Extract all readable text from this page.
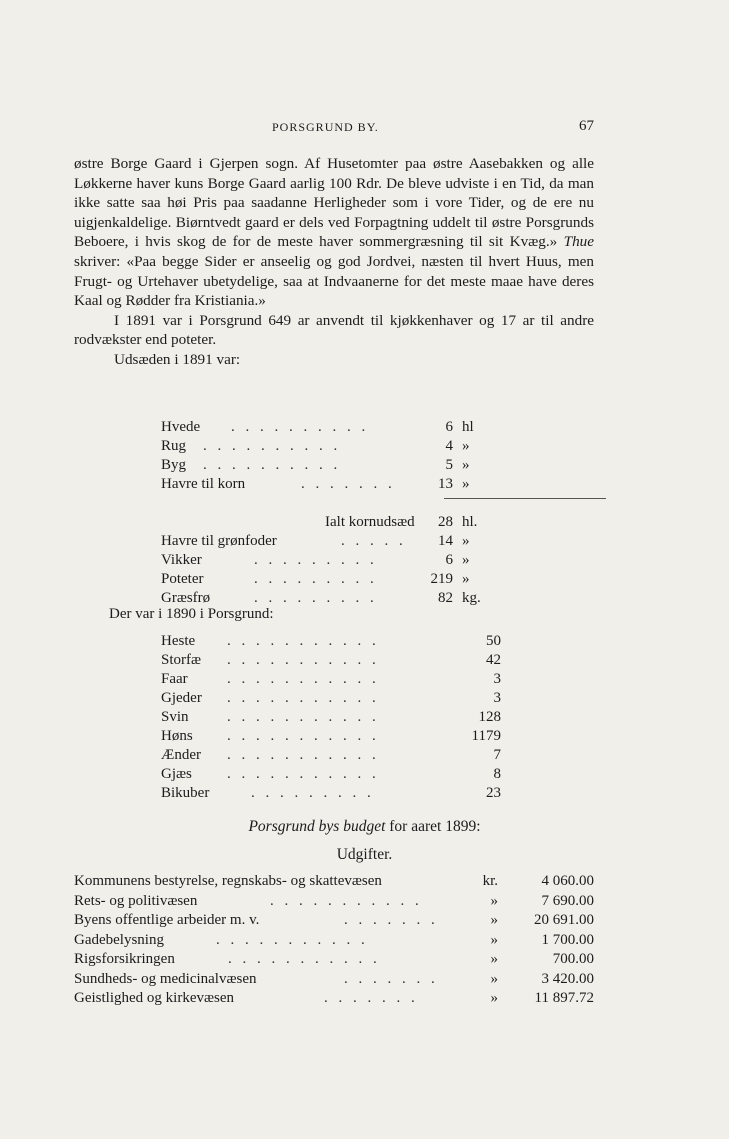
PORSGRUND BY.	67

østre Borge Gaard i Gjerpen sogn. Af Husetomter paa østre Aasebakken og alle Løkkerne haver kuns Borge Gaard aarlig 100 Rdr. De bleve udviste i en Tid, da man ikke satte saa høi Pris paa saadanne Herligheder som i vore Tider, og de ere nu uigjenkaldelige. Biørntvedt gaard er dels ved Forpagtning uddelt til østre Porsgrunds Beboere, i hvis skog de for de meste haver sommergræsning til sit Kvæg.» Thue skriver: «Paa begge Sider er anseelig og god Jordvei, næsten til hvert Huus, men Frugt- og Urtehaver ubetydelige, saa at Indvaanerne for det meste maae have deres Kaal og Rødder fra Kristiania.»

I 1891 var i Porsgrund 649 ar anvendt til kjøkkenhaver og 17 ar til andre rodvækster end poteter.

Udsæden i 1891 var:

Hvede . . . . . . . . . .	6 hl
Rug . . . . . . . . . .	4 »
Byg . . . . . . . . . .	5 »
Havre til korn	. . . . . . .	13 »
Ialt kornudsæd	28 hl.
Havre til grønfoder	. . . . .	14 »
Vikker	. . . . . . . . .	6 »
Poteter	. . . . . . . . .	219 »
Græsfrø	. . . . . . . . .	82 kg.
Der var i 1890 i Porsgrund:
Heste . . . . . . . . . . .	50
Storfæ . . . . . . . . . . .	42
Faar	. . . . . . . . . . .	3
Gjeder . . . . . . . . . . .	3
Svin	. . . . . . . . . . .	128
Høns . . . . . . . . . . .	1179
Ænder . . . . . . . . . . .	7
Gjæs . . . . . . . . . . .	8
Bikuber	. . . . . . . . .	23
Porsgrund bys budget for aaret 1899:
Udgifter.
Kommunens bestyrelse, regnskabs- og skattevæsen	kr.	4 060.00
Rets- og politivæsen	. . . . . . . . . . .	»	7 690.00
Byens offentlige arbeider m. v.	. . . . . . .	»	20 691.00
Gadebelysning	. . . . . . . . . . .	»	1 700.00
Rigsforsikringen	. . . . . . . . . . .	»	700.00
Sundheds- og medicinalvæsen	. . . . . . .	»	3 420.00
Geistlighed og kirkevæsen	. . . . . . .	»	11 897.72
